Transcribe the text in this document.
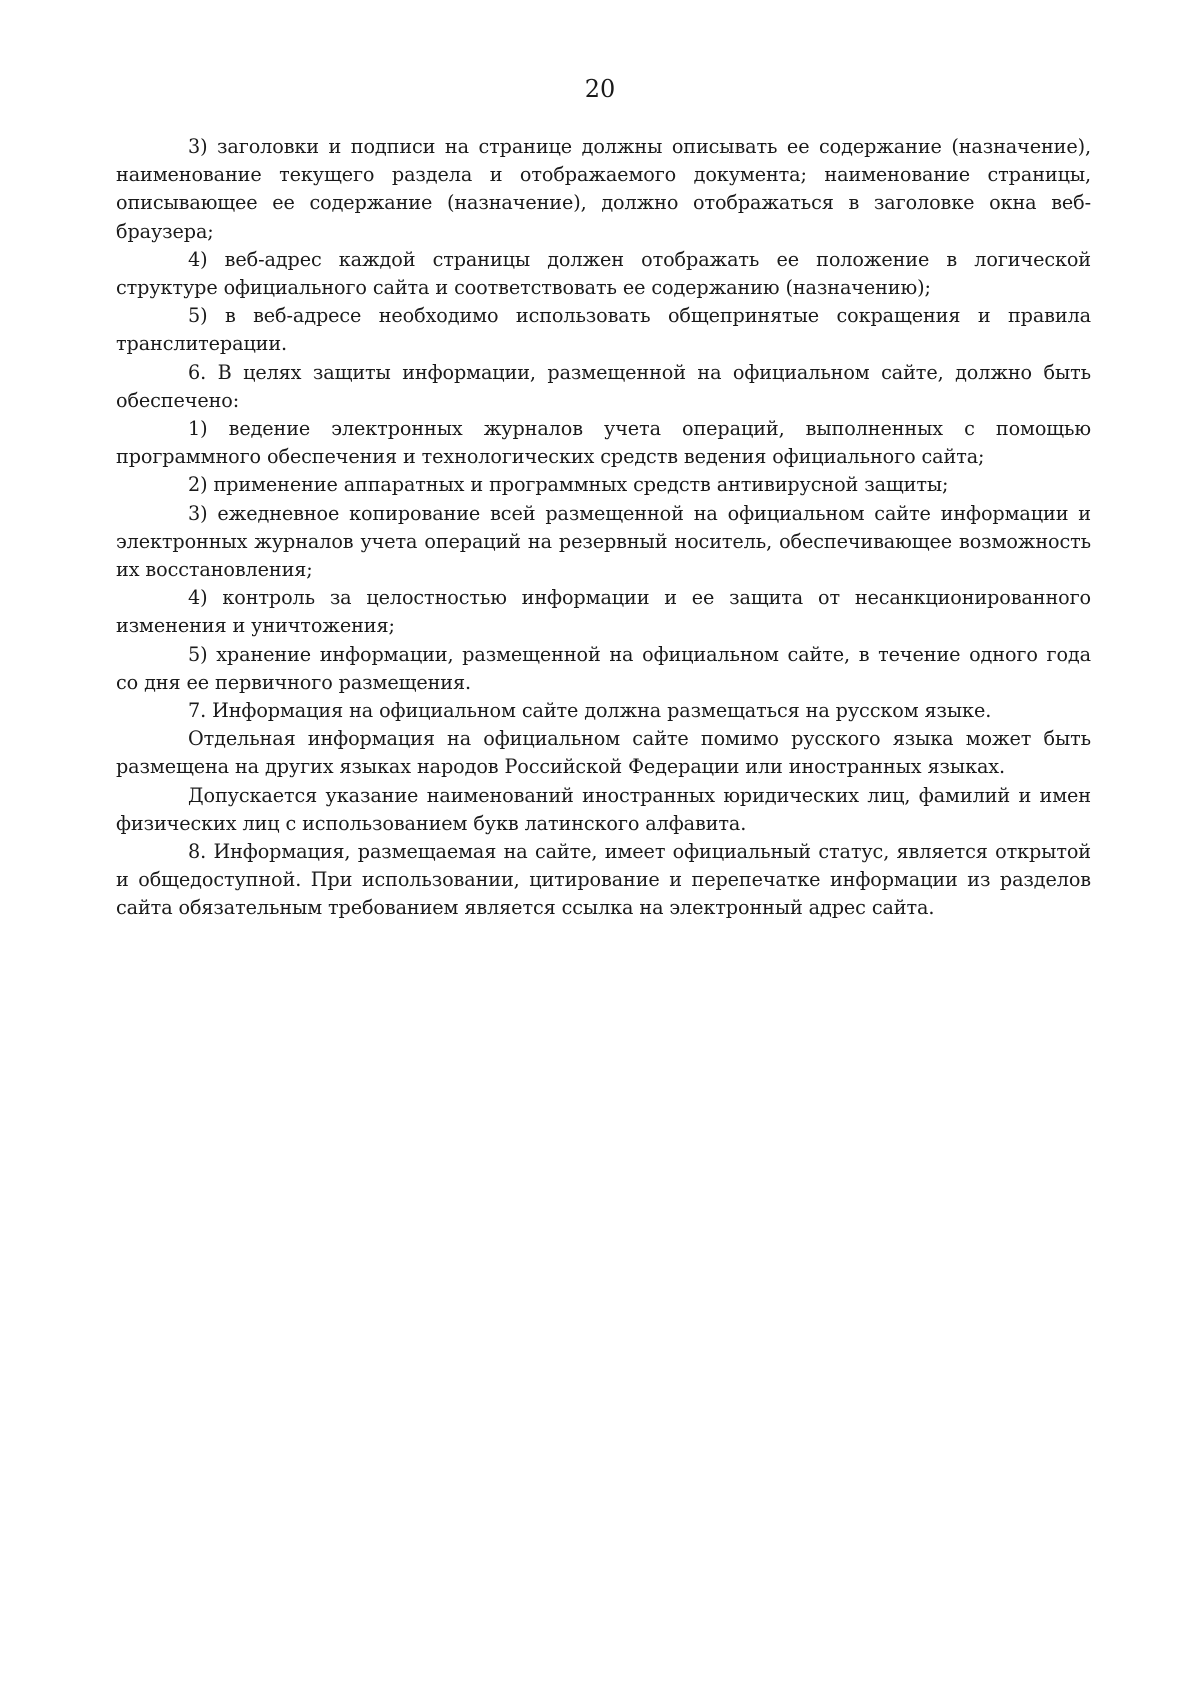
20

3) заголовки и подписи на странице должны описывать ее содержание (назначение), наименование текущего раздела и отображаемого документа; наименование страницы, описывающее ее содержание (назначение), должно отображаться в заголовке окна веб-браузера;

4) веб-адрес каждой страницы должен отображать ее положение в логической структуре официального сайта и соответствовать ее содержанию (назначению);

5) в веб-адресе необходимо использовать общепринятые сокращения и правила транслитерации.

6. В целях защиты информации, размещенной на официальном сайте, должно быть обеспечено:

1) ведение электронных журналов учета операций, выполненных с помощью программного обеспечения и технологических средств ведения официального сайта;

2) применение аппаратных и программных средств антивирусной защиты;

3) ежедневное копирование всей размещенной на официальном сайте информации и электронных журналов учета операций на резервный носитель, обеспечивающее возможность их восстановления;

4) контроль за целостностью информации и ее защита от несанкционированного изменения и уничтожения;

5) хранение информации, размещенной на официальном сайте, в течение одного года со дня ее первичного размещения.

7. Информация на официальном сайте должна размещаться на русском языке.

Отдельная информация на официальном сайте помимо русского языка может быть размещена на других языках народов Российской Федерации или иностранных языках.

Допускается указание наименований иностранных юридических лиц, фамилий и имен физических лиц с использованием букв латинского алфавита.

8. Информация, размещаемая на сайте, имеет официальный статус, является открытой и общедоступной. При использовании, цитирование и перепечатке информации из разделов сайта обязательным требованием является ссылка на электронный адрес сайта.
